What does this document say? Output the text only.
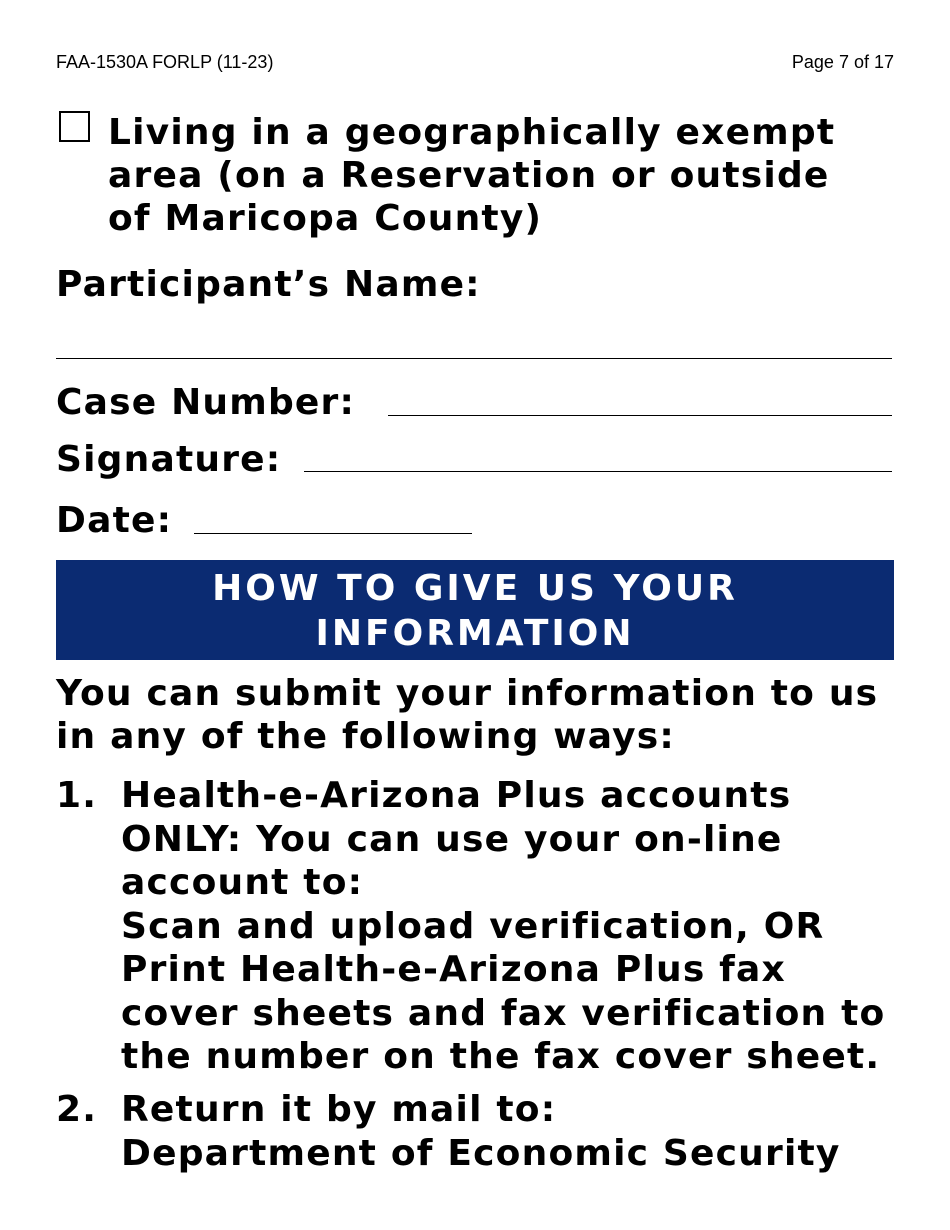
FAA-1530A FORLP (11-23)	Page 7 of 17
Living in a geographically exempt
area (on a Reservation or outside
of Maricopa County)
Participant’s Name:
Case Number:
Signature:
Date:
HOW TO GIVE US YOUR
INFORMATION
You can submit your information to us
in any of the following ways:
1. Health-e-Arizona Plus accounts
ONLY: You can use your on-line
account to:
Scan and upload verification, OR
Print Health-e-Arizona Plus fax
cover sheets and fax verification to
the number on the fax cover sheet.
2. Return it by mail to:
Department of Economic Security
